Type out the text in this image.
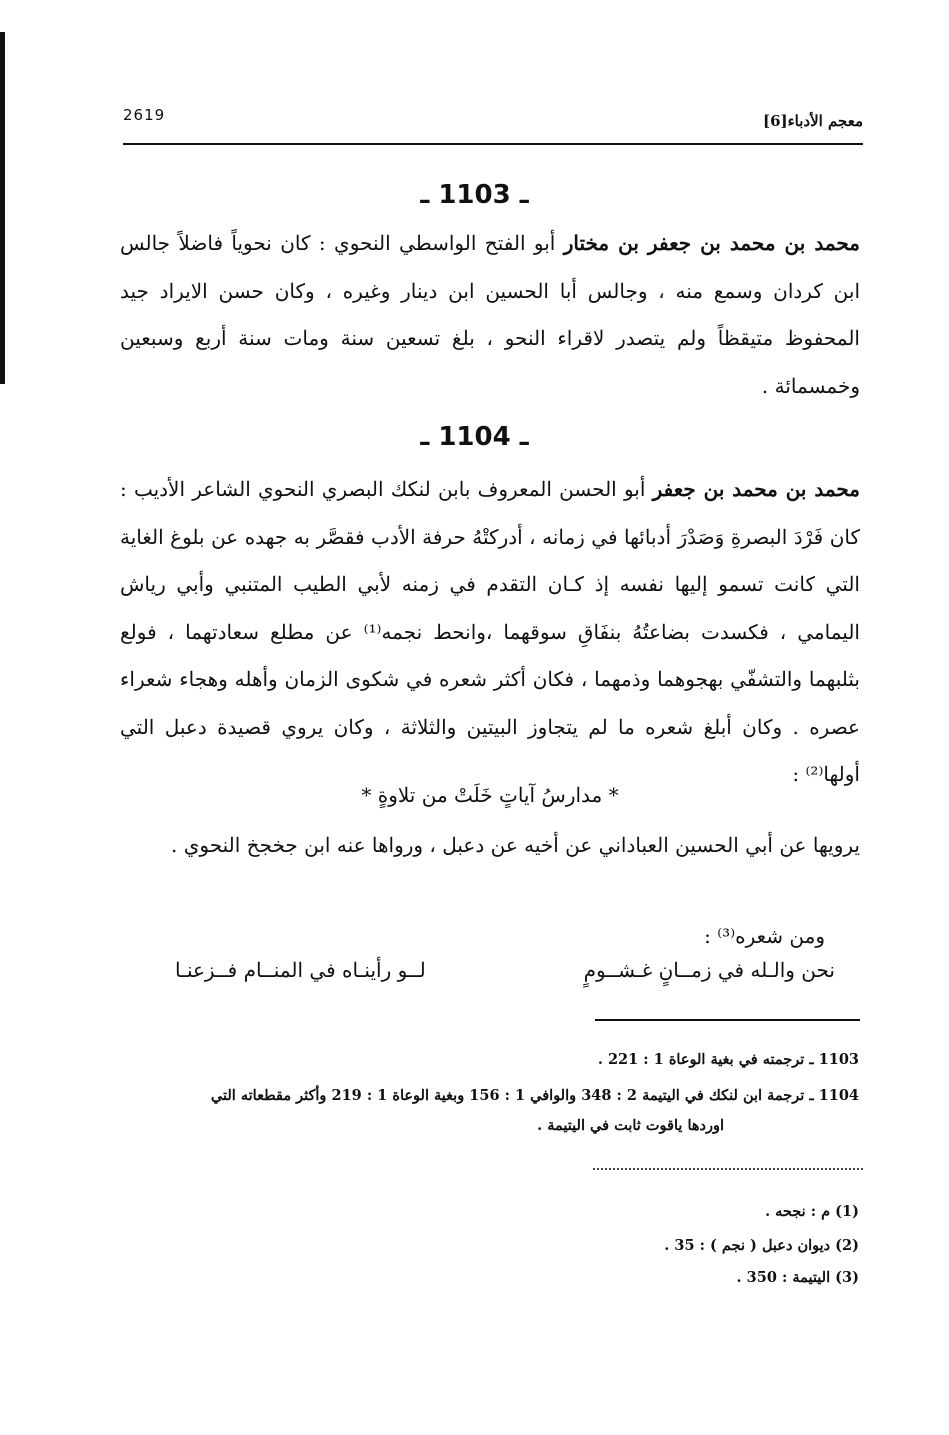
2619	معجم الأدباء[6]
ـ 1103 ـ

محمد بن محمد بن جعفر بن مختار أبو الفتح الواسطي النحوي : كان نحوياً فاضلاً جالس ابن كردان وسمع منه ، وجالس أبا الحسين ابن دينار وغيره ، وكان حسن الايراد جيد المحفوظ متيقظاً ولم يتصدر لاقراء النحو ، بلغ تسعين سنة ومات سنة أربع وسبعين وخمسمائة .

ـ 1104 ـ

محمد بن محمد بن جعفر أبو الحسن المعروف بابن لنكك البصري النحوي الشاعر الأديب : كان فَرْدَ البصرةِ وَصَدْرَ أدبائها في زمانه ، أدركتْهُ حرفة الأدب فقصَّر به جهده عن بلوغ الغاية التي كانت تسمو إليها نفسه إذ كـان التقدم في زمنه لأبي الطيب المتنبي وأبي رياش اليمامي ، فكسدت بضاعتُهُ بنفَاقِ سوقهما ،وانحط نجمه⁽¹⁾ عن مطلع سعادتهما ، فولع بثلبهما والتشفّي بهجوهما وذمهما ، فكان أكثر شعره في شكوى الزمان وأهله وهجاء شعراء عصره . وكان أبلغ شعره ما لم يتجاوز البيتين والثلاثة ، وكان يروي قصيدة دعبل التي أولها⁽²⁾ :

* مدارسُ آياتٍ خَلَتْ من تلاوةٍ *

يرويها عن أبي الحسين العباداني عن أخيه عن دعبل ، ورواها عنه ابن جخجخ النحوي .

ومن شعره⁽³⁾ :
نحن والـله في زمــانٍ غـشــومٍ
لــو رأينـاه في المنــام فــزعنـا

1103 ـ ترجمته في بغية الوعاة 1 : 221 .

1104 ـ ترجمة ابن لنكك في اليتيمة 2 : 348 والوافي 1 : 156 وبغية الوعاة 1 : 219 وأكثر مقطعاته التي

اوردها ياقوت ثابت في اليتيمة .

(1) م : نجحه .

(2) ديوان دعبل ( نجم ) : 35 .

(3) اليتيمة : 350 .
